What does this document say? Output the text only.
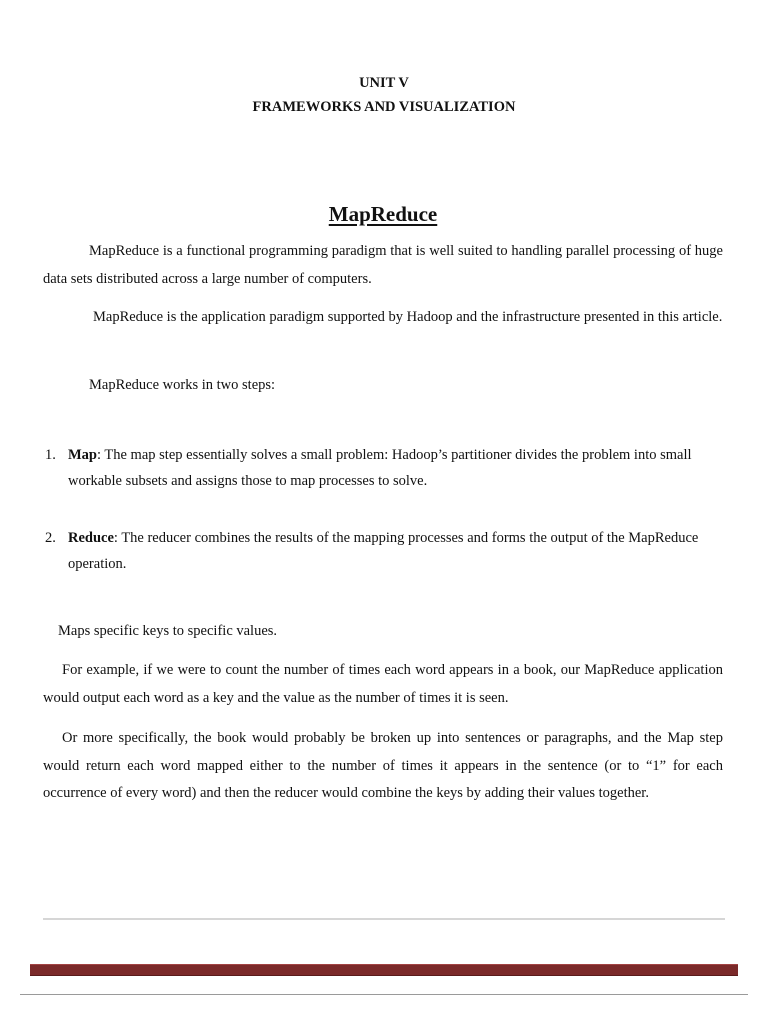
UNIT V
FRAMEWORKS AND VISUALIZATION
MapReduce

MapReduce is a functional programming paradigm that is well suited to handling parallel processing of huge data sets distributed across a large number of computers.

MapReduce is the application paradigm supported by Hadoop and the infrastructure presented in this article.

MapReduce works in two steps:

1. Map: The map step essentially solves a small problem: Hadoop’s partitioner divides the problem into small workable subsets and assigns those to map processes to solve.
2. Reduce: The reducer combines the results of the mapping processes and forms the output of the MapReduce operation.

Maps specific keys to specific values.

For example, if we were to count the number of times each word appears in a book, our MapReduce application would output each word as a key and the value as the number of times it is seen.

Or more specifically, the book would probably be broken up into sentences or paragraphs, and the Map step would return each word mapped either to the number of times it appears in the sentence (or to “1” for each occurrence of every word) and then the reducer would combine the keys by adding their values together.
